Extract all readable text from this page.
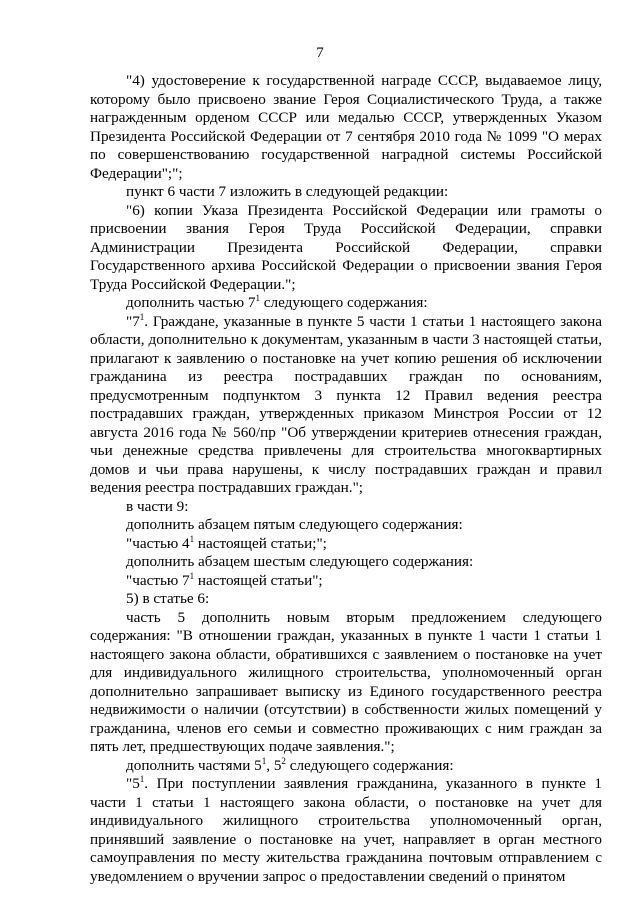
7

"4) удостоверение к государственной награде СССР, выдаваемое лицу, которому было присвоено звание Героя Социалистического Труда, а также награжденным орденом СССР или медалью СССР, утвержденных Указом Президента Российской Федерации от 7 сентября 2010 года № 1099 "О мерах по совершенствованию государственной наградной системы Российской Федерации";";

пункт 6 части 7 изложить в следующей редакции:

"6) копии Указа Президента Российской Федерации или грамоты о присвоении звания Героя Труда Российской Федерации, справки Администрации Президента Российской Федерации, справки Государственного архива Российской Федерации о присвоении звания Героя Труда Российской Федерации.";

дополнить частью $7^1$ следующего содержания:

"$7^1$. Граждане, указанные в пункте 5 части 1 статьи 1 настоящего закона области, дополнительно к документам, указанным в части 3 настоящей статьи, прилагают к заявлению о постановке на учет копию решения об исключении гражданина из реестра пострадавших граждан по основаниям, предусмотренным подпунктом 3 пункта 12 Правил ведения реестра пострадавших граждан, утвержденных приказом Минстроя России от 12 августа 2016 года № 560/пр "Об утверждении критериев отнесения граждан, чьи денежные средства привлечены для строительства многоквартирных домов и чьи права нарушены, к числу пострадавших граждан и правил ведения реестра пострадавших граждан.";

в части 9:

дополнить абзацем пятым следующего содержания:

"частью $4^1$ настоящей статьи;";

дополнить абзацем шестым следующего содержания:

"частью $7^1$ настоящей статьи";

5) в статье 6:

часть 5 дополнить новым вторым предложением следующего содержания: "В отношении граждан, указанных в пункте 1 части 1 статьи 1 настоящего закона области, обратившихся с заявлением о постановке на учет для индивидуального жилищного строительства, уполномоченный орган дополнительно запрашивает выписку из Единого государственного реестра недвижимости о наличии (отсутствии) в собственности жилых помещений у гражданина, членов его семьи и совместно проживающих с ним граждан за пять лет, предшествующих подаче заявления.";

дополнить частями $5^1$, $5^2$ следующего содержания:

"$5^1$. При поступлении заявления гражданина, указанного в пункте 1 части 1 статьи 1 настоящего закона области, о постановке на учет для индивидуального жилищного строительства уполномоченный орган, принявший заявление о постановке на учет, направляет в орган местного самоуправления по месту жительства гражданина почтовым отправлением с уведомлением о вручении запрос о предоставлении сведений о принятом
